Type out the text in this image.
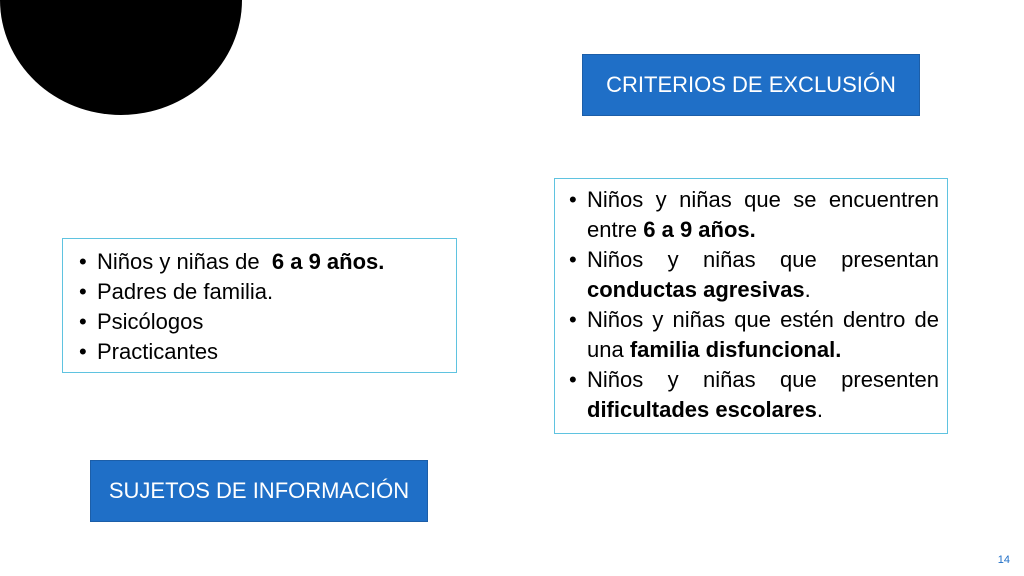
CRITERIOS DE EXCLUSIÓN
• Niños y niñas que se encuentren entre 6 a 9 años.
• Niños y niñas que presentan conductas agresivas.
• Niños y niñas que estén dentro de una familia disfuncional.
• Niños y niñas que presenten dificultades escolares.
• Niños y niñas de  6 a 9 años.
• Padres de familia.
• Psicólogos
• Practicantes
SUJETOS DE INFORMACIÓN
14
